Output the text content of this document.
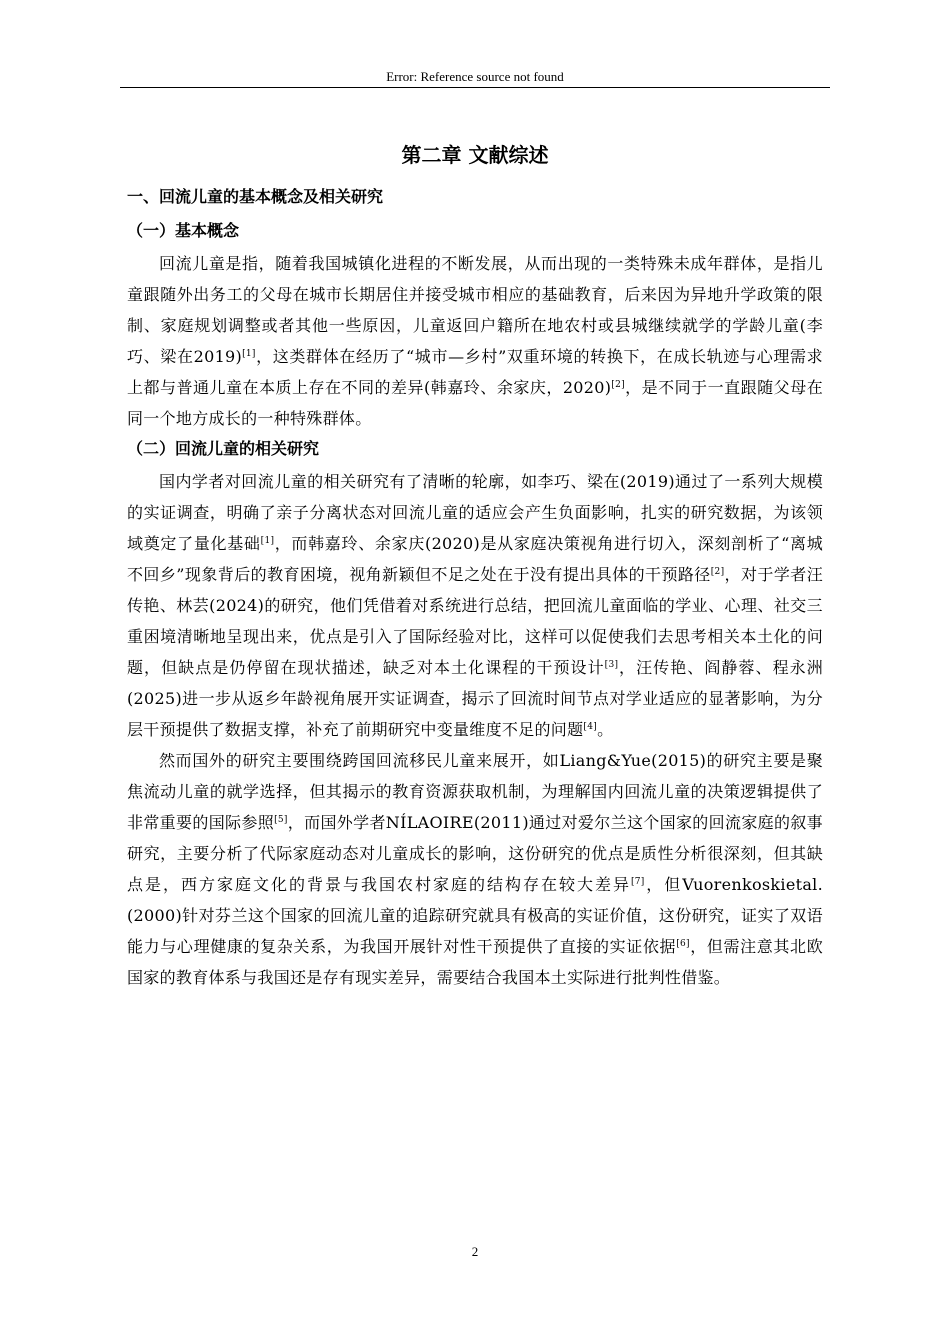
Error: Reference source not found
第二章 文献综述
一、回流儿童的基本概念及相关研究
（一）基本概念

回流儿童是指，随着我国城镇化进程的不断发展，从而出现的一类特殊未成年群体，是指儿童跟随外出务工的父母在城市长期居住并接受城市相应的基础教育，后来因为异地升学政策的限制、家庭规划调整或者其他一些原因，儿童返回户籍所在地农村或县城继续就学的学龄儿童(李巧、梁在2019)[1]，这类群体在经历了“城市—乡村”双重环境的转换下，在成长轨迹与心理需求上都与普通儿童在本质上存在不同的差异(韩嘉玲、余家庆，2020)[2]，是不同于一直跟随父母在同一个地方成长的一种特殊群体。

（二）回流儿童的相关研究

国内学者对回流儿童的相关研究有了清晰的轮廓，如李巧、梁在(2019)通过了一系列大规模的实证调查，明确了亲子分离状态对回流儿童的适应会产生负面影响，扎实的研究数据，为该领域奠定了量化基础[1]，而韩嘉玲、余家庆(2020)是从家庭决策视角进行切入，深刻剖析了“离城不回乡”现象背后的教育困境，视角新颖但不足之处在于没有提出具体的干预路径[2]，对于学者汪传艳、林芸(2024)的研究，他们凭借着对系统进行总结，把回流儿童面临的学业、心理、社交三重困境清晰地呈现出来，优点是引入了国际经验对比，这样可以促使我们去思考相关本土化的问题，但缺点是仍停留在现状描述，缺乏对本土化课程的干预设计[3]，汪传艳、阎静蓉、程永洲(2025)进一步从返乡年龄视角展开实证调查，揭示了回流时间节点对学业适应的显著影响，为分层干预提供了数据支撑，补充了前期研究中变量维度不足的问题[4]。

然而国外的研究主要围绕跨国回流移民儿童来展开，如Liang&Yue(2015)的研究主要是聚焦流动儿童的就学选择，但其揭示的教育资源获取机制，为理解国内回流儿童的决策逻辑提供了非常重要的国际参照[5]，而国外学者NÍLAOIRE(2011)通过对爱尔兰这个国家的回流家庭的叙事研究，主要分析了代际家庭动态对儿童成长的影响，这份研究的优点是质性分析很深刻，但其缺点是，西方家庭文化的背景与我国农村家庭的结构存在较大差异[7]，但Vuorenkoskietal.(2000)针对芬兰这个国家的回流儿童的追踪研究就具有极高的实证价值，这份研究，证实了双语能力与心理健康的复杂关系，为我国开展针对性干预提供了直接的实证依据[6]，但需注意其北欧国家的教育体系与我国还是存有现实差异，需要结合我国本土实际进行批判性借鉴。

2
